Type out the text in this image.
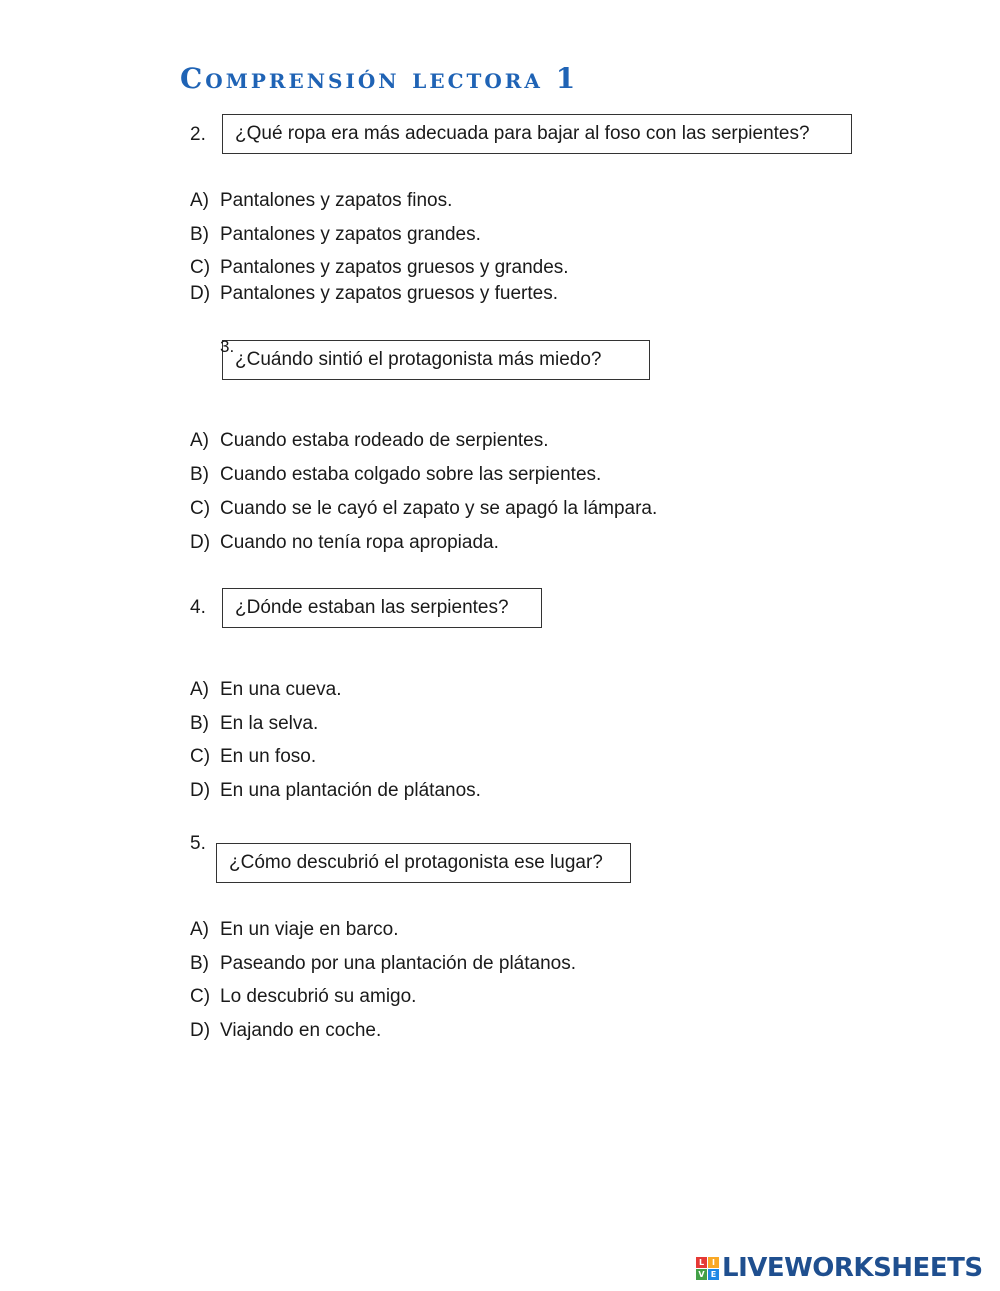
Comprensión lectora 1
2.	¿Qué ropa era más adecuada para bajar al foso con las serpientes?
A) Pantalones y zapatos finos.
B) Pantalones y zapatos grandes.
C) Pantalones y zapatos gruesos y grandes.
D) Pantalones y zapatos gruesos y fuertes.
¿Cuándo sintió el protagonista más miedo?
3.
A) Cuando estaba rodeado de serpientes.
B) Cuando estaba colgado sobre las serpientes.
C) Cuando se le cayó el zapato y se apagó la lámpara.
D) Cuando no tenía ropa apropiada.
4.	¿Dónde estaban las serpientes?
A) En una cueva.
B) En la selva.
C) En un foso.
D) En una plantación de plátanos.
5.
¿Cómo descubrió el protagonista ese lugar?
A) En un viaje en barco.
B) Paseando por una plantación de plátanos.
C) Lo descubrió su amigo.
D) Viajando en coche.
L I
V E LIVEWORKSHEETS
